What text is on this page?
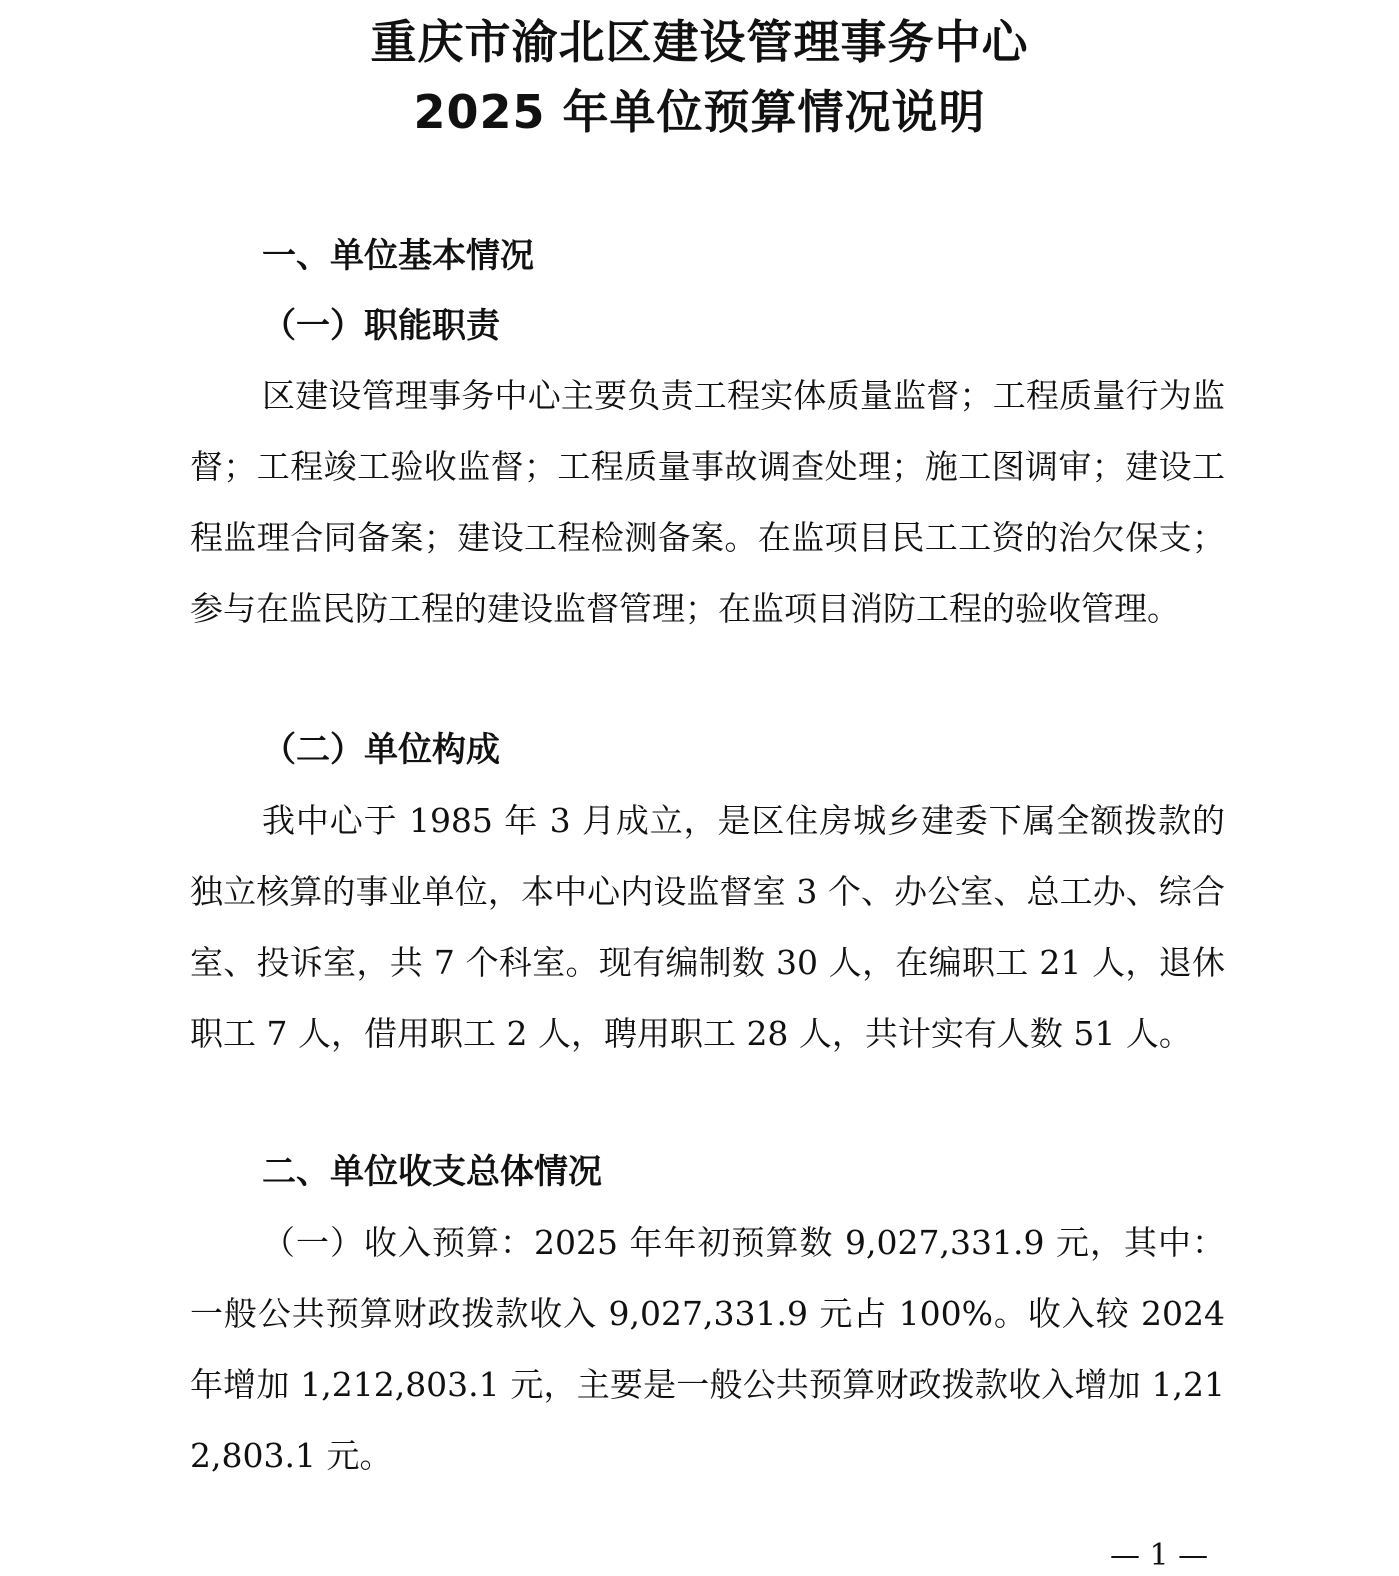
重庆市渝北区建设管理事务中心
2025 年单位预算情况说明
一、单位基本情况
（一）职能职责

区建设管理事务中心主要负责工程实体质量监督；工程质量行为监督；工程竣工验收监督；工程质量事故调查处理；施工图调审；建设工程监理合同备案；建设工程检测备案。在监项目民工工资的治欠保支；参与在监民防工程的建设监督管理；在监项目消防工程的验收管理。

（二）单位构成

我中心于 1985 年 3 月成立，是区住房城乡建委下属全额拨款的独立核算的事业单位，本中心内设监督室 3 个、办公室、总工办、综合室、投诉室，共 7 个科室。现有编制数 30 人，在编职工 21 人，退休职工 7 人，借用职工 2 人，聘用职工 28 人，共计实有人数 51 人。

二、单位收支总体情况

（一）收入预算：2025 年年初预算数 9,027,331.9 元，其中：一般公共预算财政拨款收入 9,027,331.9 元占 100%。收入较 2024 年增加 1,212,803.1 元，主要是一般公共预算财政拨款收入增加 1,212,803.1 元。

— 1 —
